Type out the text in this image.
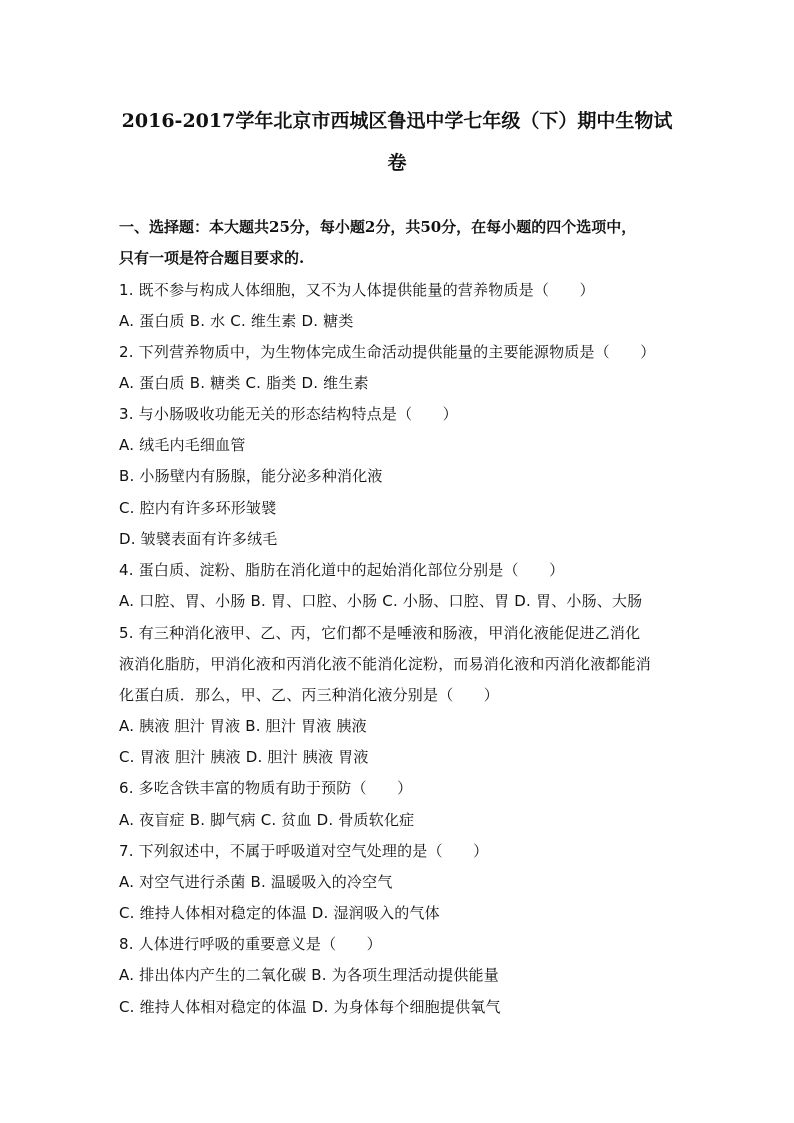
2016-2017学年北京市西城区鲁迅中学七年级（下）期中生物试
卷
一、选择题：本大题共25分，每小题2分，共50分，在每小题的四个选项中，
只有一项是符合题目要求的.
1. 既不参与构成人体细胞，又不为人体提供能量的营养物质是（　　）
A. 蛋白质 B. 水 C. 维生素 D. 糖类
2. 下列营养物质中，为生物体完成生命活动提供能量的主要能源物质是（　　）
A. 蛋白质 B. 糖类 C. 脂类 D. 维生素
3. 与小肠吸收功能无关的形态结构特点是（　　）
A. 绒毛内毛细血管
B. 小肠壁内有肠腺，能分泌多种消化液
C. 腔内有许多环形皱襞
D. 皱襞表面有许多绒毛
4. 蛋白质、淀粉、脂肪在消化道中的起始消化部位分别是（　　）
A. 口腔、胃、小肠 B. 胃、口腔、小肠 C. 小肠、口腔、胃 D. 胃、小肠、大肠
5. 有三种消化液甲、乙、丙，它们都不是唾液和肠液，甲消化液能促进乙消化
液消化脂肪，甲消化液和丙消化液不能消化淀粉，而易消化液和丙消化液都能消
化蛋白质．那么，甲、乙、丙三种消化液分别是（　　）
A. 胰液 胆汁 胃液 B. 胆汁 胃液 胰液
C. 胃液 胆汁 胰液 D. 胆汁 胰液 胃液
6. 多吃含铁丰富的物质有助于预防（　　）
A. 夜盲症 B. 脚气病 C. 贫血 D. 骨质软化症
7. 下列叙述中，不属于呼吸道对空气处理的是（　　）
A. 对空气进行杀菌 B. 温暖吸入的冷空气
C. 维持人体相对稳定的体温 D. 湿润吸入的气体
8. 人体进行呼吸的重要意义是（　　）
A. 排出体内产生的二氧化碳 B. 为各项生理活动提供能量
C. 维持人体相对稳定的体温 D. 为身体每个细胞提供氧气
